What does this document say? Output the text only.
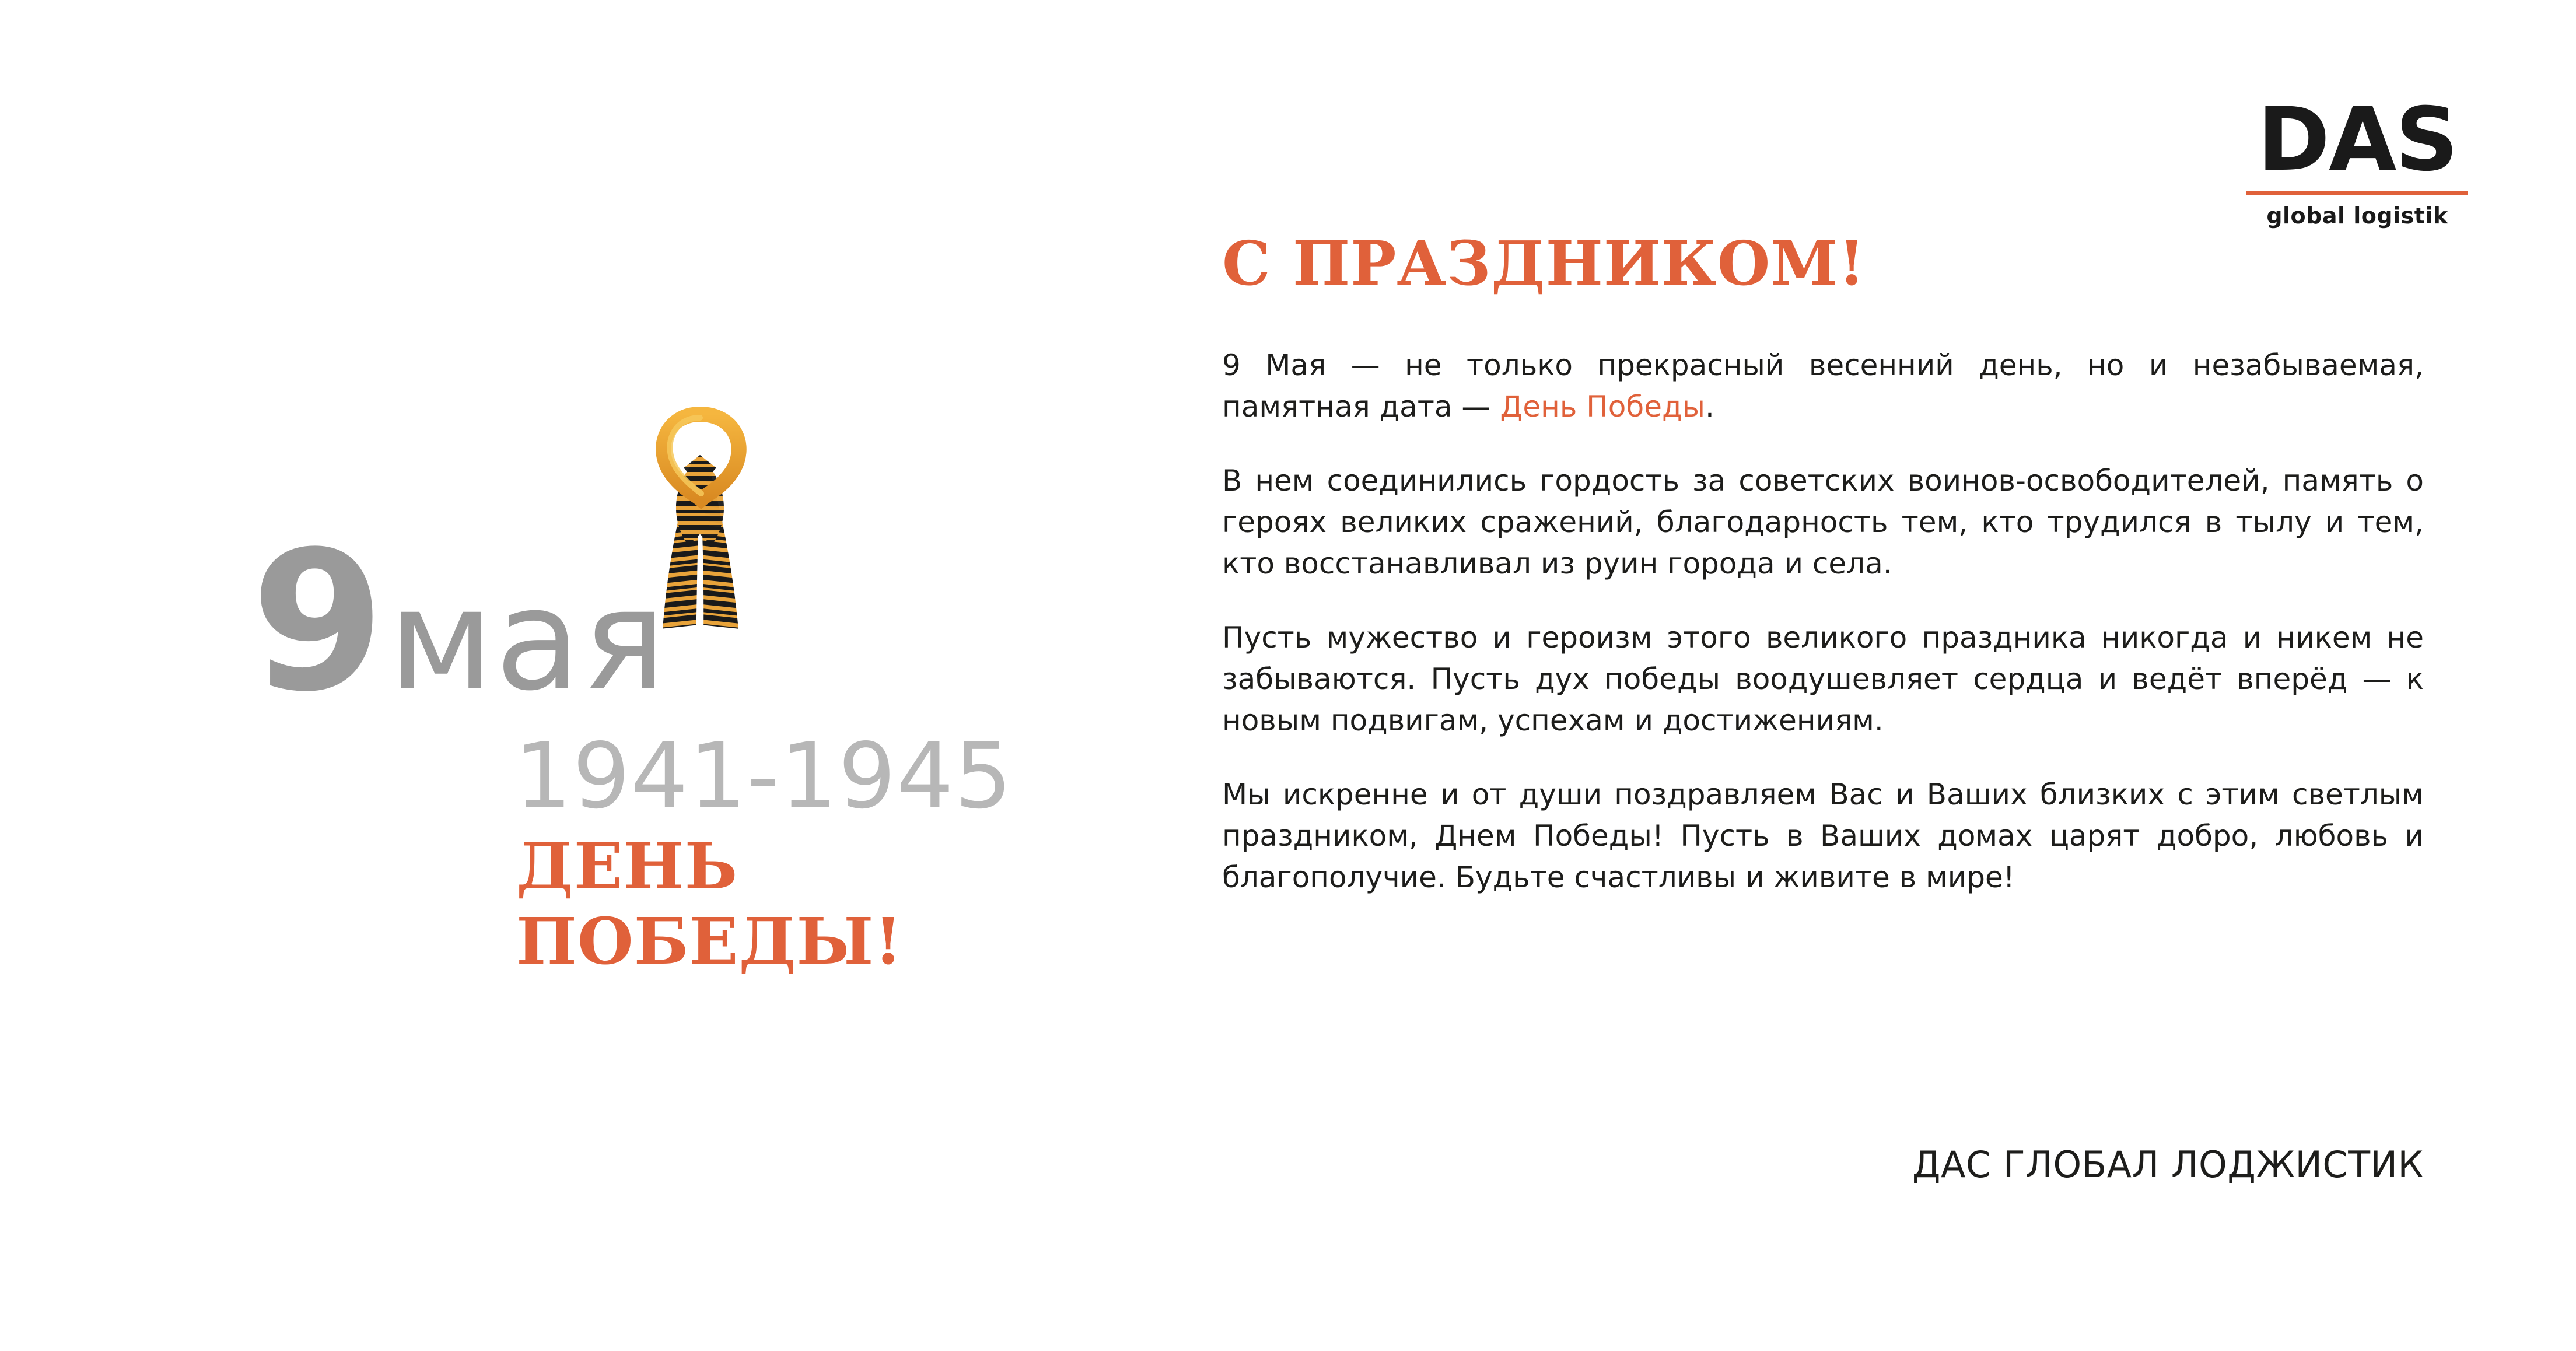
9 мая
1941-1945
ДЕНЬ ПОБЕДЫ!
DAS
global logistik
С ПРАЗДНИКОМ!

9 Мая — не только прекрасный весенний день, но и незабываемая, памятная дата — День Победы.

В нем соединились гордость за советских воинов-освободителей, память о героях великих сражений, благодарность тем, кто трудился в тылу и тем, кто восстанавливал из руин города и села.

Пусть мужество и героизм этого великого праздника никогда и никем не забываются. Пусть дух победы воодушевляет сердца и ведёт вперёд — к новым подвигам, успехам и достижениям.

Мы искренне и от души поздравляем Вас и Ваших близких с этим светлым праздником, Днем Победы! Пусть в Ваших домах царят добро, любовь и благополучие. Будьте счастливы и живите в мире!

ДАС ГЛОБАЛ ЛОДЖИСТИК
